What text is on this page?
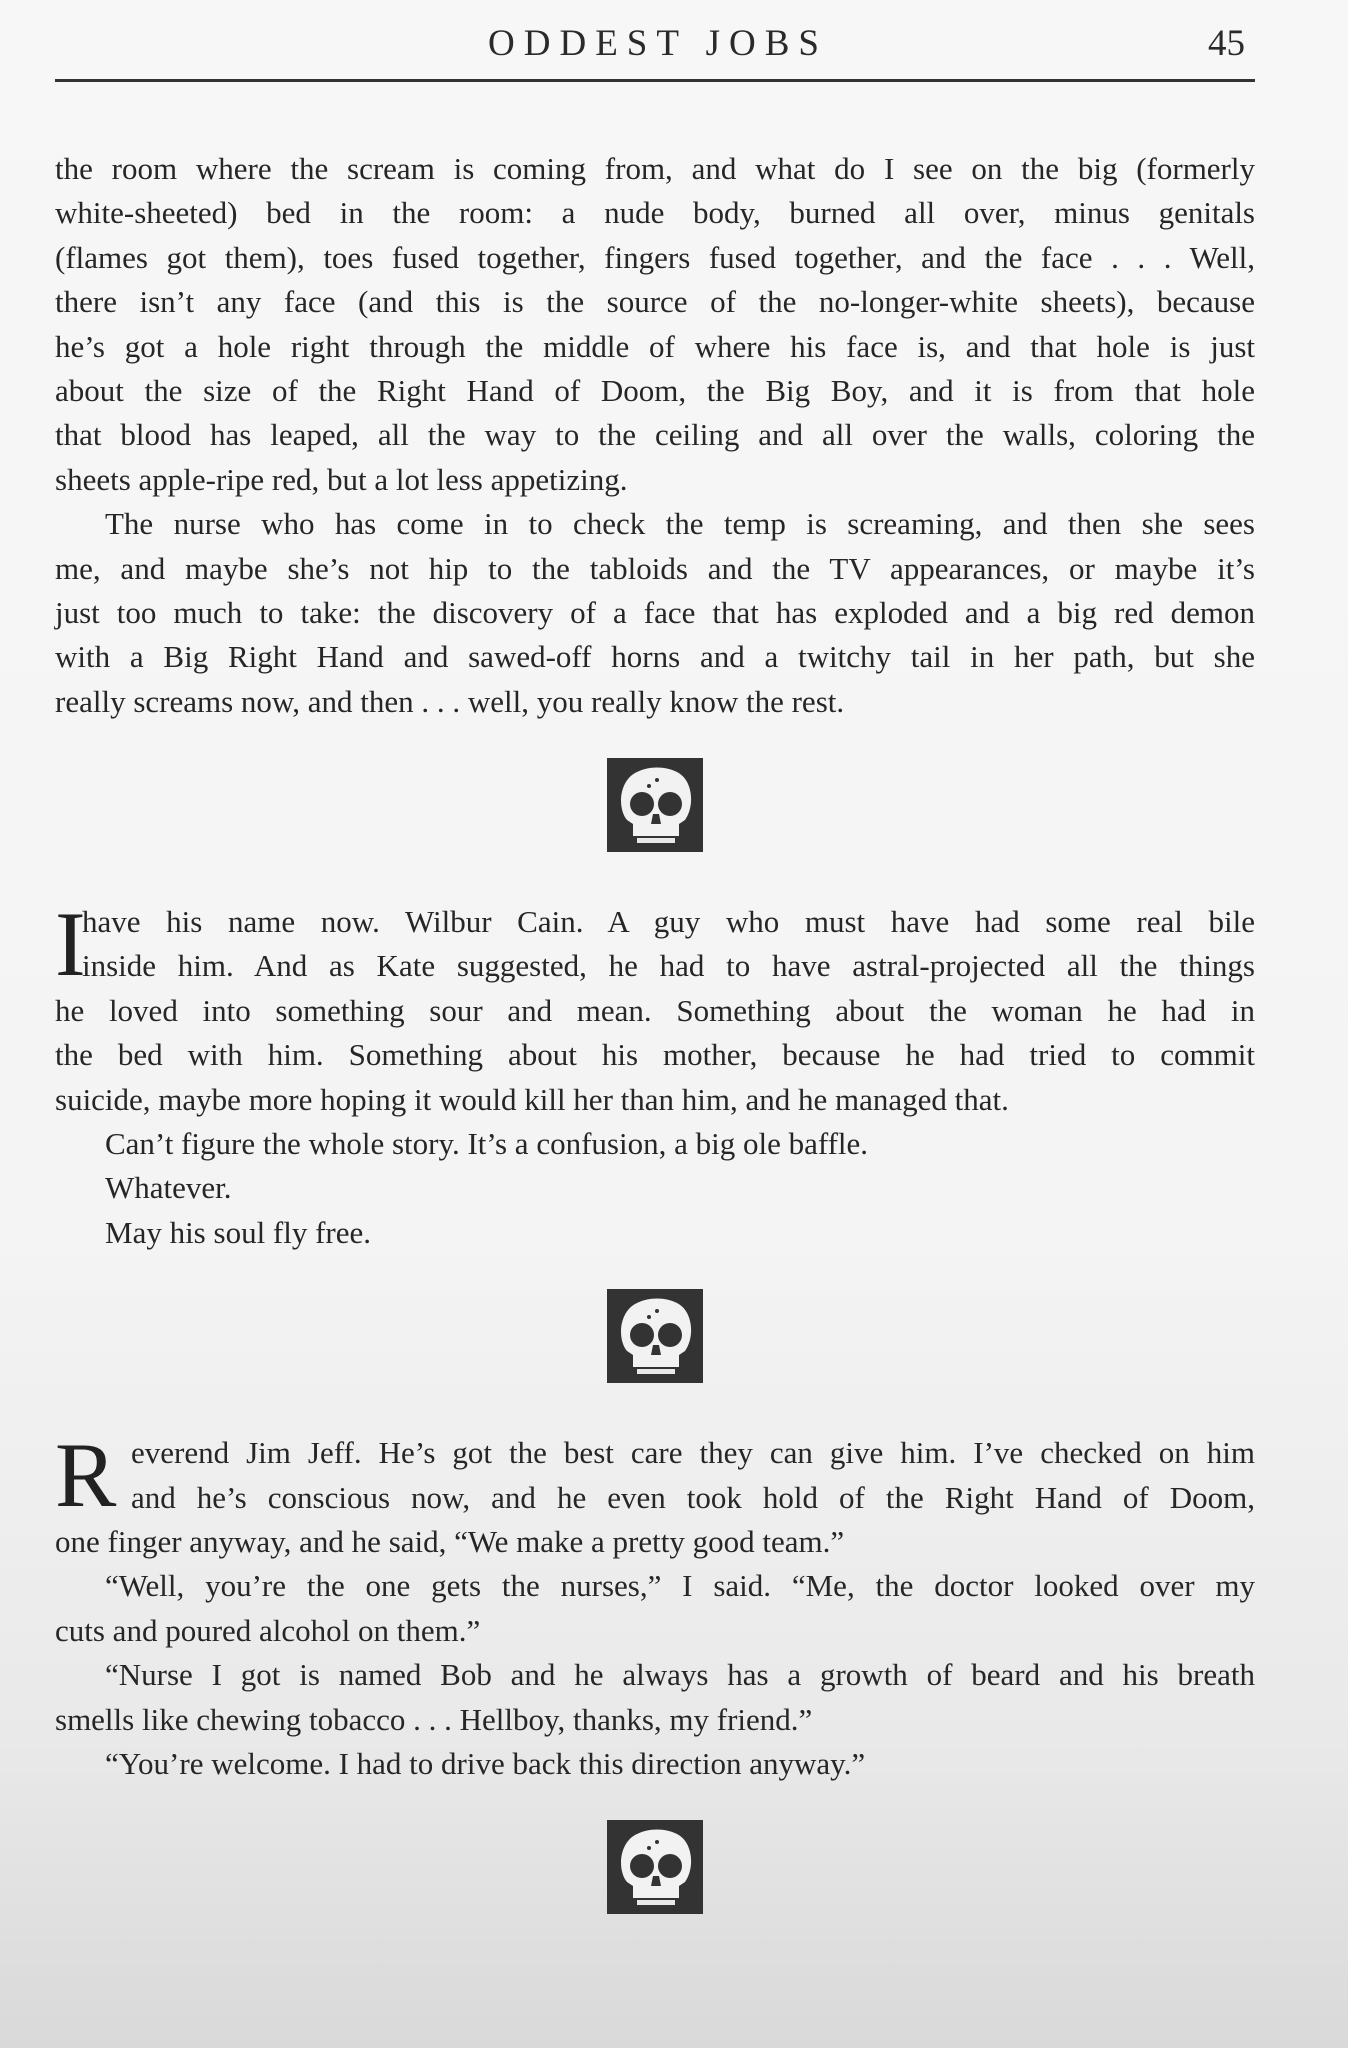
ODDEST JOBS	45
the room where the scream is coming from, and what do I see on the big (formerly
white-sheeted) bed in the room: a nude body, burned all over, minus genitals
(flames got them), toes fused together, fingers fused together, and the face . . . Well,
there isn’t any face (and this is the source of the no-longer-white sheets), because
he’s got a hole right through the middle of where his face is, and that hole is just
about the size of the Right Hand of Doom, the Big Boy, and it is from that hole
that blood has leaped, all the way to the ceiling and all over the walls, coloring the
sheets apple-ripe red, but a lot less appetizing.
The nurse who has come in to check the temp is screaming, and then she sees
me, and maybe she’s not hip to the tabloids and the TV appearances, or maybe it’s
just too much to take: the discovery of a face that has exploded and a big red demon
with a Big Right Hand and sawed-off horns and a twitchy tail in her path, but she
really screams now, and then . . . well, you really know the rest.
I
have his name now. Wilbur Cain. A guy who must have had some real bile
inside him. And as Kate suggested, he had to have astral-projected all the things
he loved into something sour and mean. Something about the woman he had in
the bed with him. Something about his mother, because he had tried to commit
suicide, maybe more hoping it would kill her than him, and he managed that.
Can’t figure the whole story. It’s a confusion, a big ole baffle.
Whatever.
May his soul fly free.
R everend Jim Jeff. He’s got the best care they can give him. I’ve checked on him
and he’s conscious now, and he even took hold of the Right Hand of Doom,
one finger anyway, and he said, “We make a pretty good team.”
“Well, you’re the one gets the nurses,” I said. “Me, the doctor looked over my
cuts and poured alcohol on them.”
“Nurse I got is named Bob and he always has a growth of beard and his breath
smells like chewing tobacco . . . Hellboy, thanks, my friend.”
“You’re welcome. I had to drive back this direction anyway.”
